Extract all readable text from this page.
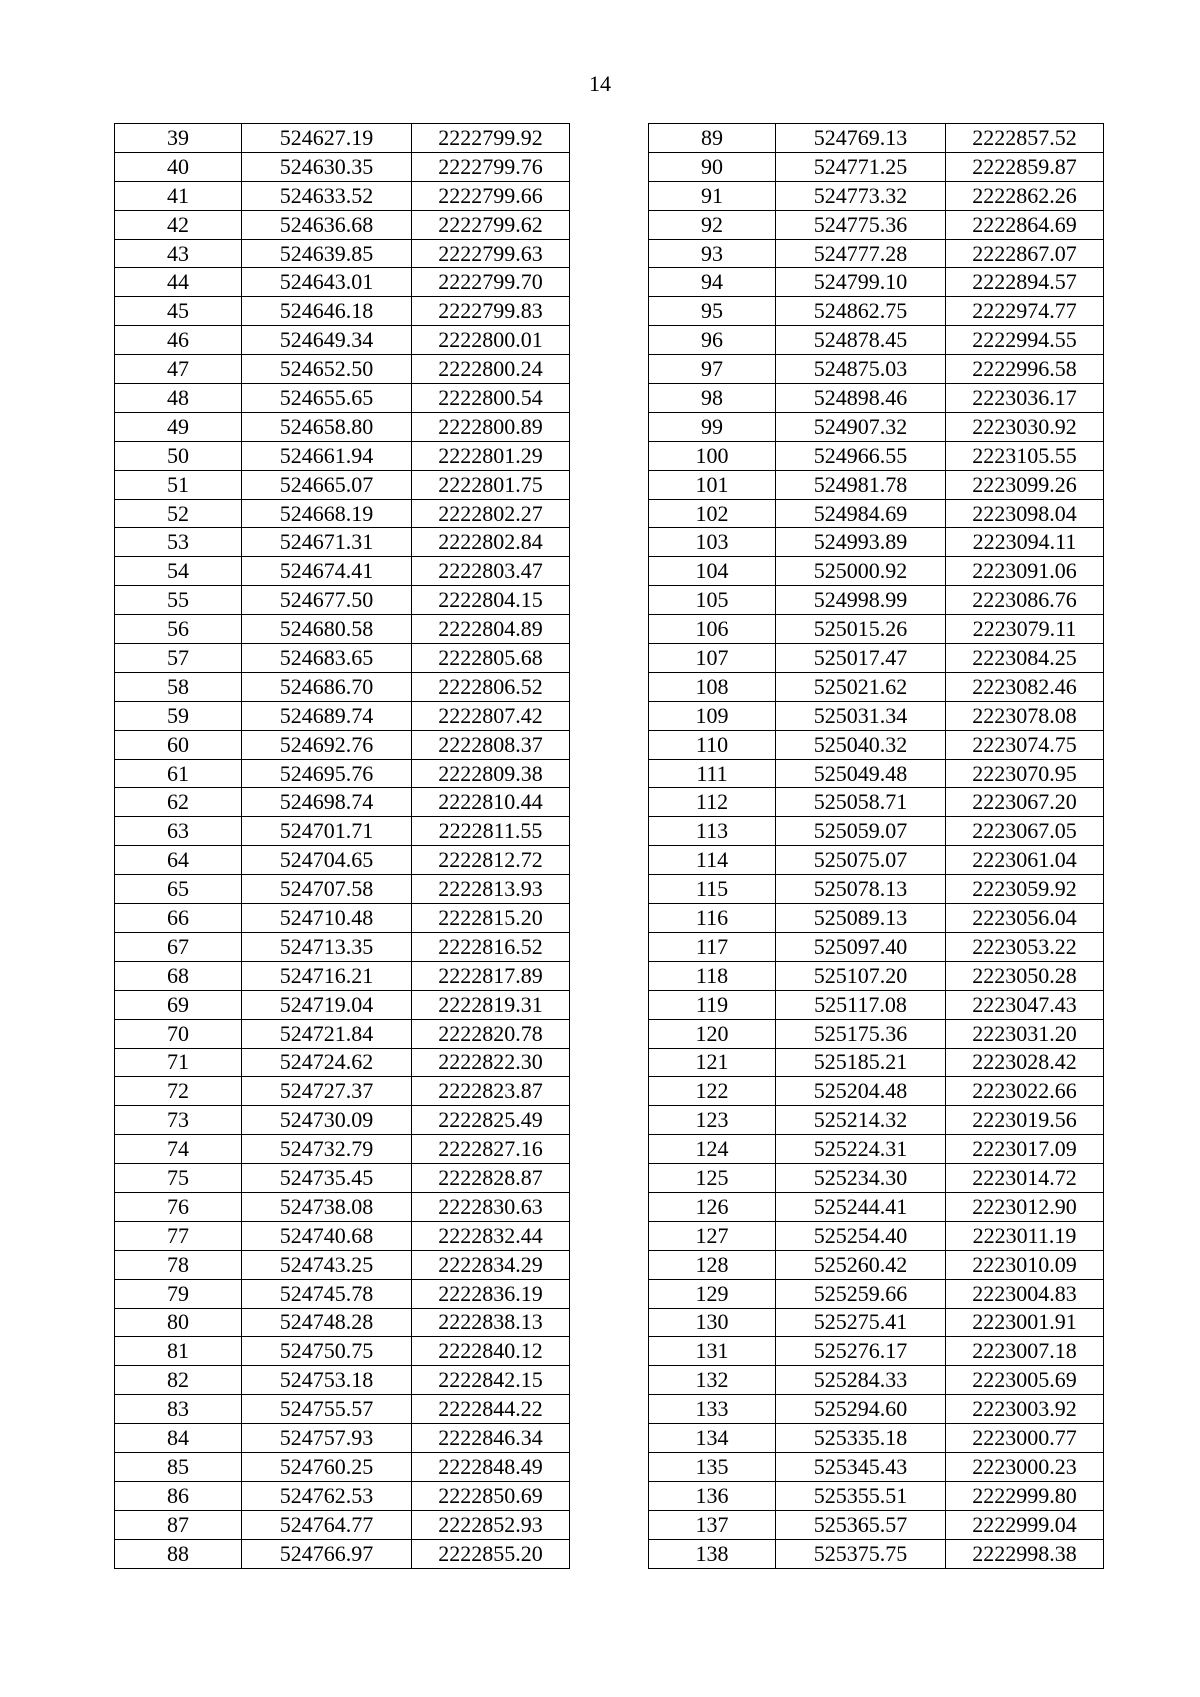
14
39	524627.19	2222799.92
40	524630.35	2222799.76
41	524633.52	2222799.66
42	524636.68	2222799.62
43	524639.85	2222799.63
44	524643.01	2222799.70
45	524646.18	2222799.83
46	524649.34	2222800.01
47	524652.50	2222800.24
48	524655.65	2222800.54
49	524658.80	2222800.89
50	524661.94	2222801.29
51	524665.07	2222801.75
52	524668.19	2222802.27
53	524671.31	2222802.84
54	524674.41	2222803.47
55	524677.50	2222804.15
56	524680.58	2222804.89
57	524683.65	2222805.68
58	524686.70	2222806.52
59	524689.74	2222807.42
60	524692.76	2222808.37
61	524695.76	2222809.38
62	524698.74	2222810.44
63	524701.71	2222811.55
64	524704.65	2222812.72
65	524707.58	2222813.93
66	524710.48	2222815.20
67	524713.35	2222816.52
68	524716.21	2222817.89
69	524719.04	2222819.31
70	524721.84	2222820.78
71	524724.62	2222822.30
72	524727.37	2222823.87
73	524730.09	2222825.49
74	524732.79	2222827.16
75	524735.45	2222828.87
76	524738.08	2222830.63
77	524740.68	2222832.44
78	524743.25	2222834.29
79	524745.78	2222836.19
80	524748.28	2222838.13
81	524750.75	2222840.12
82	524753.18	2222842.15
83	524755.57	2222844.22
84	524757.93	2222846.34
85	524760.25	2222848.49
86	524762.53	2222850.69
87	524764.77	2222852.93
88	524766.97	2222855.20
89	524769.13	2222857.52
90	524771.25	2222859.87
91	524773.32	2222862.26
92	524775.36	2222864.69
93	524777.28	2222867.07
94	524799.10	2222894.57
95	524862.75	2222974.77
96	524878.45	2222994.55
97	524875.03	2222996.58
98	524898.46	2223036.17
99	524907.32	2223030.92
100	524966.55	2223105.55
101	524981.78	2223099.26
102	524984.69	2223098.04
103	524993.89	2223094.11
104	525000.92	2223091.06
105	524998.99	2223086.76
106	525015.26	2223079.11
107	525017.47	2223084.25
108	525021.62	2223082.46
109	525031.34	2223078.08
110	525040.32	2223074.75
111	525049.48	2223070.95
112	525058.71	2223067.20
113	525059.07	2223067.05
114	525075.07	2223061.04
115	525078.13	2223059.92
116	525089.13	2223056.04
117	525097.40	2223053.22
118	525107.20	2223050.28
119	525117.08	2223047.43
120	525175.36	2223031.20
121	525185.21	2223028.42
122	525204.48	2223022.66
123	525214.32	2223019.56
124	525224.31	2223017.09
125	525234.30	2223014.72
126	525244.41	2223012.90
127	525254.40	2223011.19
128	525260.42	2223010.09
129	525259.66	2223004.83
130	525275.41	2223001.91
131	525276.17	2223007.18
132	525284.33	2223005.69
133	525294.60	2223003.92
134	525335.18	2223000.77
135	525345.43	2223000.23
136	525355.51	2222999.80
137	525365.57	2222999.04
138	525375.75	2222998.38
